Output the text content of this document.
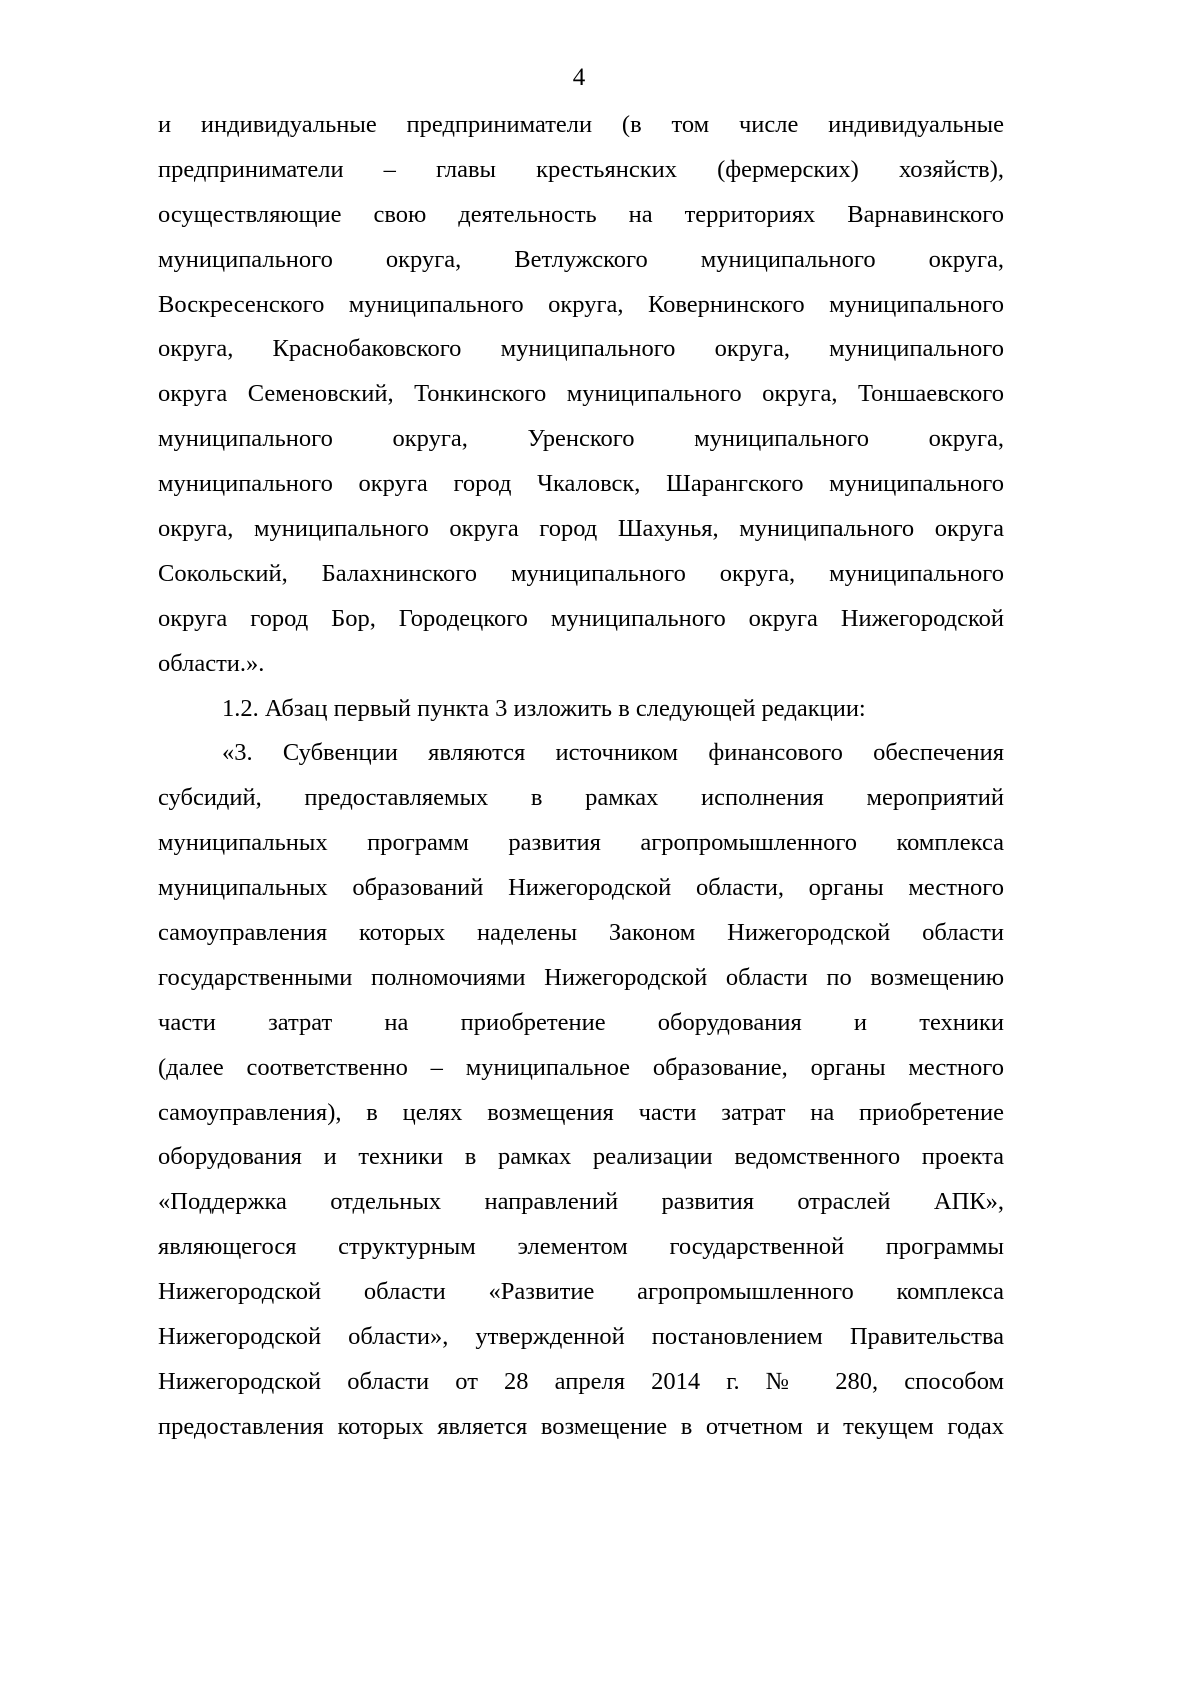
4
и индивидуальные предприниматели (в том числе индивидуальные
предприниматели – главы крестьянских (фермерских) хозяйств),
осуществляющие свою деятельность на территориях Варнавинского
муниципального округа, Ветлужского муниципального округа,
Воскресенского муниципального округа, Ковернинского муниципального
округа, Краснобаковского муниципального округа, муниципального
округа Семеновский, Тонкинского муниципального округа, Тоншаевского
муниципального округа, Уренского муниципального округа,
муниципального округа город Чкаловск, Шарангского муниципального
округа, муниципального округа город Шахунья, муниципального округа
Сокольский, Балахнинского муниципального округа, муниципального
округа город Бор, Городецкого муниципального округа Нижегородской
области.».
1.2. Абзац первый пункта 3 изложить в следующей редакции:
«3. Субвенции являются источником финансового обеспечения
субсидий, предоставляемых в рамках исполнения мероприятий
муниципальных программ развития агропромышленного комплекса
муниципальных образований Нижегородской области, органы местного
самоуправления которых наделены Законом Нижегородской области
государственными полномочиями Нижегородской области по возмещению
части затрат на приобретение оборудования и техники
(далее соответственно – муниципальное образование, органы местного
самоуправления), в целях возмещения части затрат на приобретение
оборудования и техники в рамках реализации ведомственного проекта
«Поддержка отдельных направлений развития отраслей АПК»,
являющегося структурным элементом государственной программы
Нижегородской области «Развитие агропромышленного комплекса
Нижегородской области», утвержденной постановлением Правительства
Нижегородской области от 28 апреля 2014 г. № 280, способом
предоставления которых является возмещение в отчетном и текущем годах
